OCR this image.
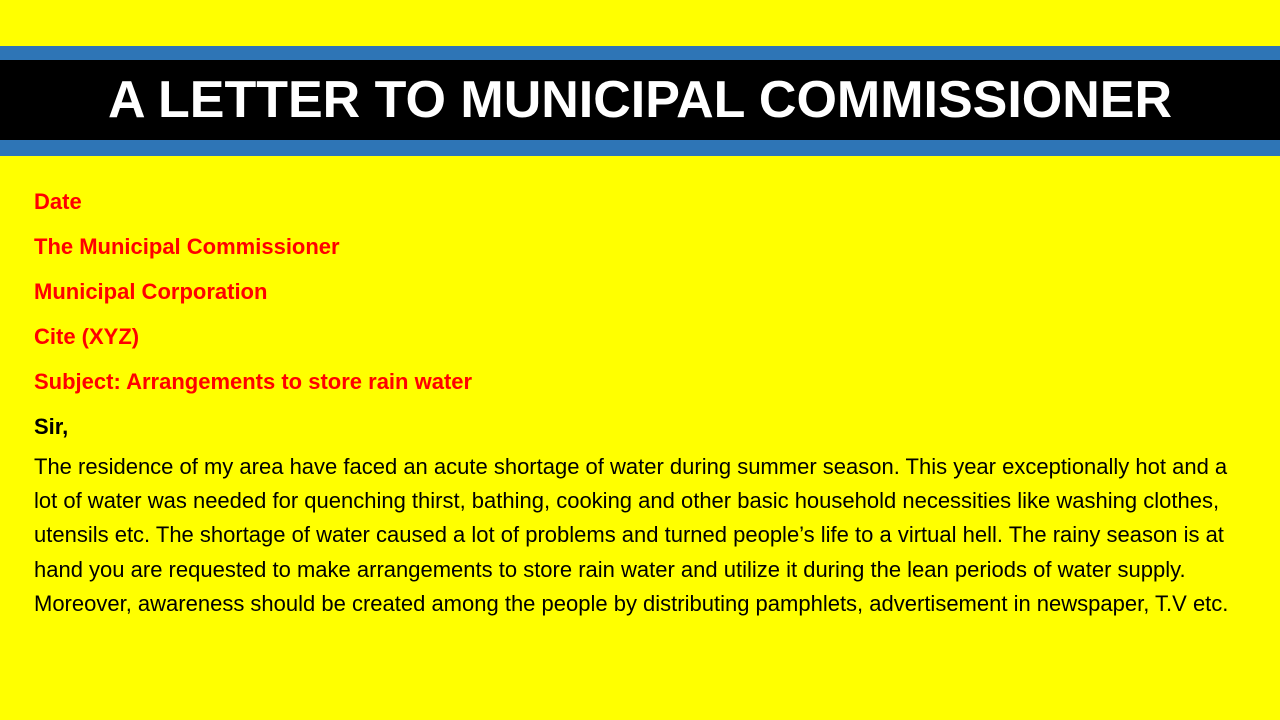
A LETTER TO MUNICIPAL COMMISSIONER
Date
The Municipal Commissioner
Municipal Corporation
Cite (XYZ)
Subject: Arrangements to store rain water
Sir,

The residence of my area have faced an acute shortage of water during summer season. This year exceptionally hot and a lot of water was needed for quenching thirst, bathing, cooking and other basic household necessities like washing clothes, utensils etc. The shortage of water caused a lot of problems and turned people’s life to a virtual hell. The rainy season is at hand you are requested to make arrangements to store rain water and utilize it during the lean periods of water supply. Moreover, awareness should be created among the people by distributing pamphlets, advertisement in newspaper, T.V etc.
